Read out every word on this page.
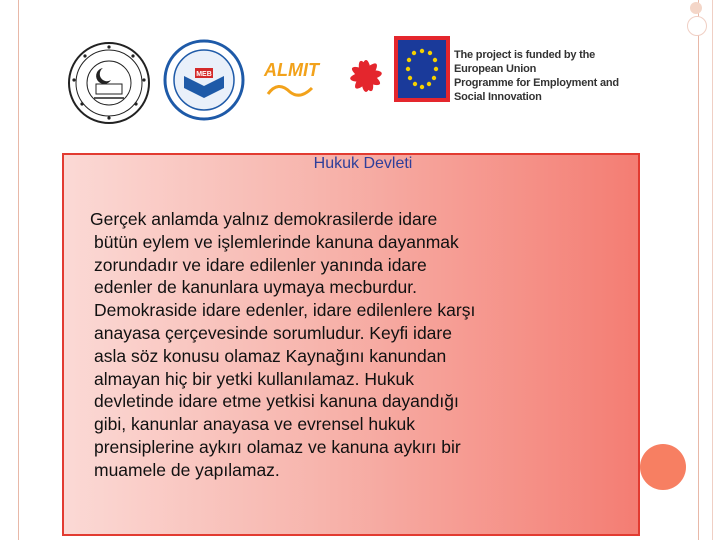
MEB	ALMIT
The project is funded by the European Union
Programme for Employment and Social Innovation
Hukuk Devleti
Gerçek anlamda yalnız demokrasilerde idare
bütün eylem ve işlemlerinde kanuna dayanmak
zorundadır ve idare edilenler yanında idare
edenler de kanunlara uymaya mecburdur.
Demokraside idare edenler, idare edilenlere karşı
anayasa çerçevesinde sorumludur. Keyfi idare
asla söz konusu olamaz Kaynağını kanundan
almayan hiç bir yetki kullanılamaz. Hukuk
devletinde idare etme yetkisi kanuna dayandığı
gibi, kanunlar anayasa ve evrensel hukuk
prensiplerine aykırı olamaz ve kanuna aykırı bir
muamele de yapılamaz.
